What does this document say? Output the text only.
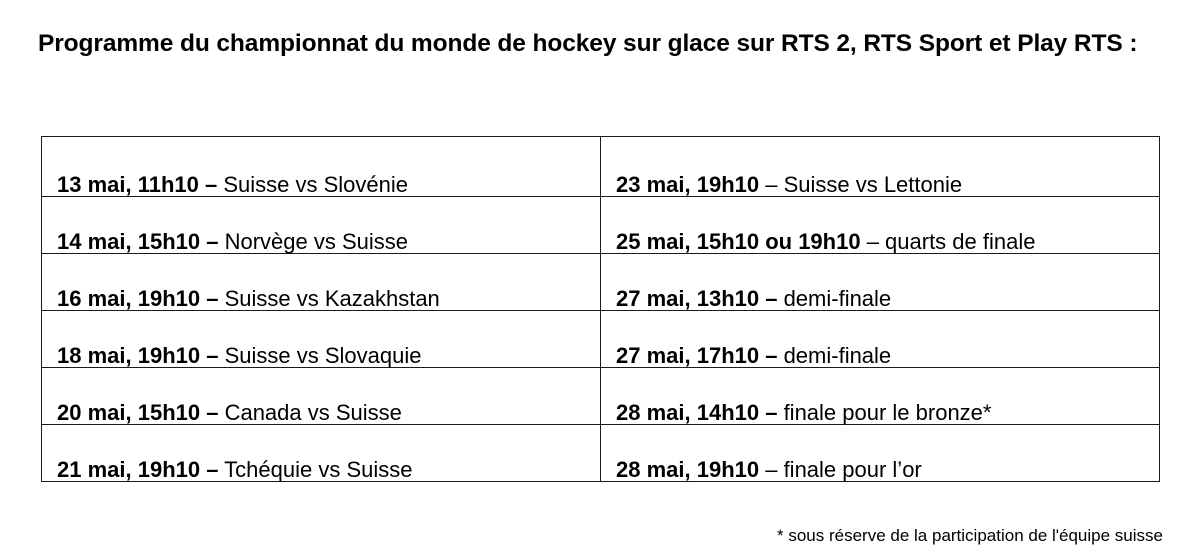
Programme du championnat du monde de hockey sur glace sur RTS 2, RTS Sport et Play RTS :
13 mai, 11h10 – Suisse vs Slovénie	23 mai, 19h10 – Suisse vs Lettonie

14 mai, 15h10 – Norvège vs Suisse	25 mai, 15h10 ou 19h10 – quarts de finale

16 mai, 19h10 – Suisse vs Kazakhstan	27 mai, 13h10 – demi-finale

18 mai, 19h10 – Suisse vs Slovaquie	27 mai, 17h10 – demi-finale

20 mai, 15h10 – Canada vs Suisse	28 mai, 14h10 – finale pour le bronze*

21 mai, 19h10 – Tchéquie vs Suisse	28 mai, 19h10 – finale pour l’or
* sous réserve de la participation de l'équipe suisse
